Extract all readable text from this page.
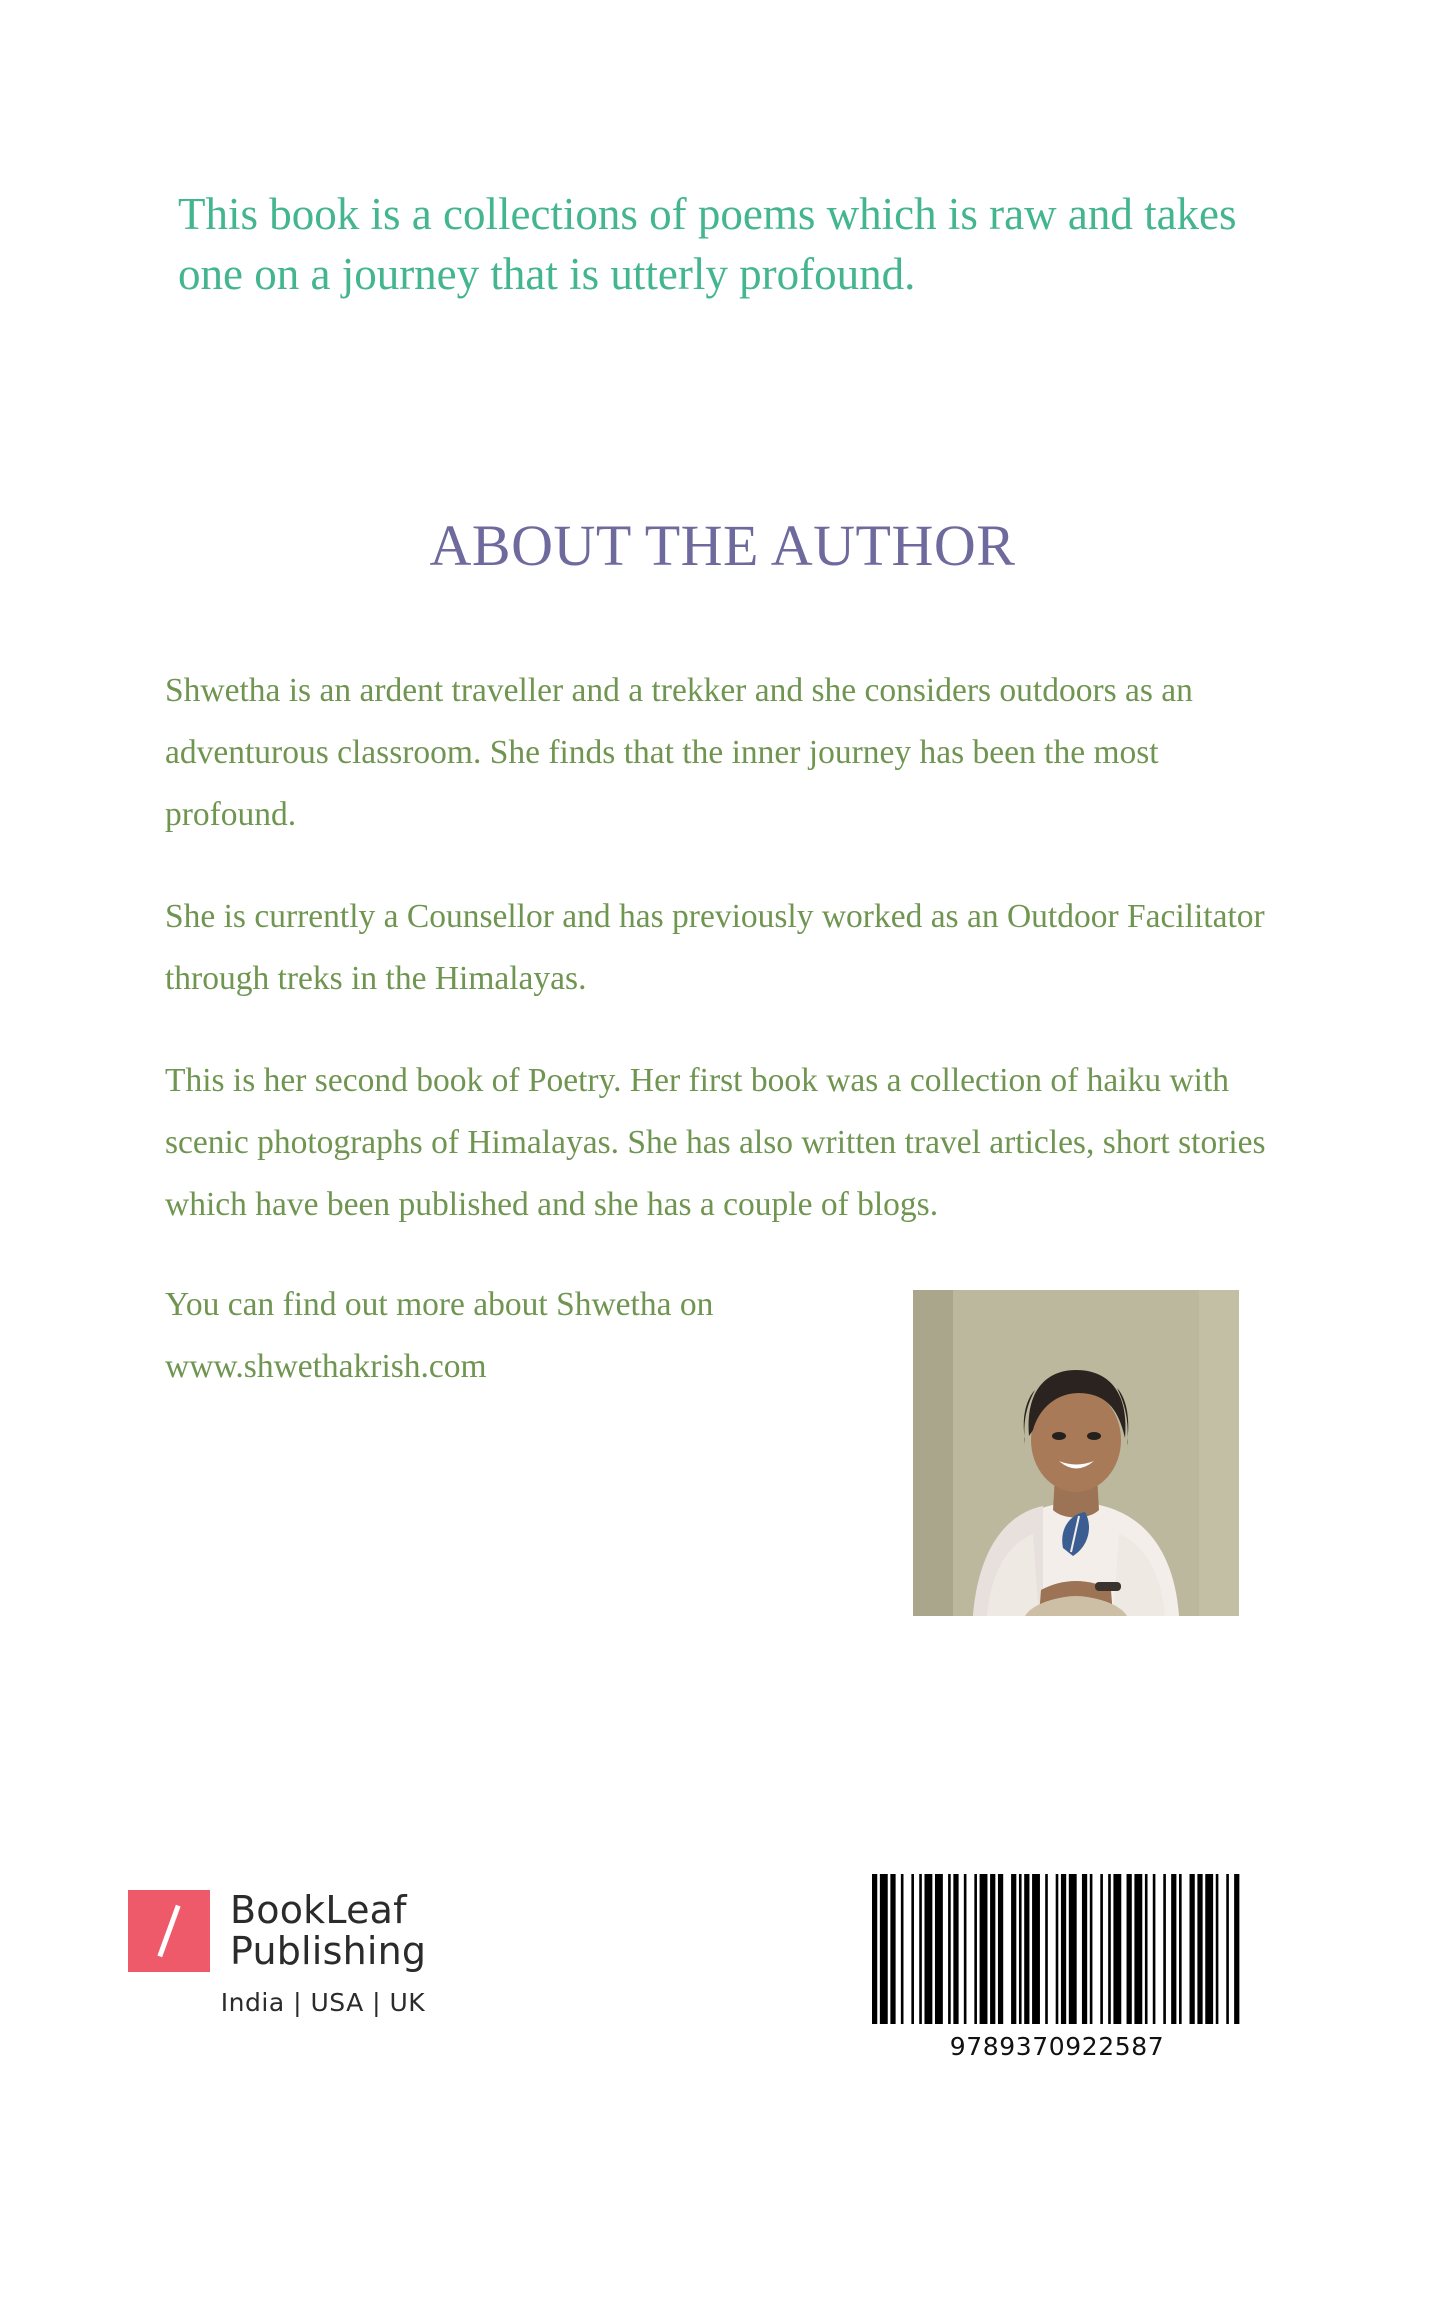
This book is a collections of poems which is raw and takes one on a journey that is utterly profound.
ABOUT THE AUTHOR

Shwetha is an ardent traveller and a trekker and she considers outdoors as an adventurous classroom. She finds that the inner journey has been the most profound.

She is currently a Counsellor and has previously worked as an Outdoor Facilitator through treks in the Himalayas.

This is her second book of Poetry. Her first book was a collection of haiku with scenic photographs of Himalayas. She has also written travel articles, short stories which have been published and she has a couple of blogs.

You can find out more about Shwetha on www.shwethakrish.com

BookLeaf
Publishing
India | USA | UK
9789370922587
